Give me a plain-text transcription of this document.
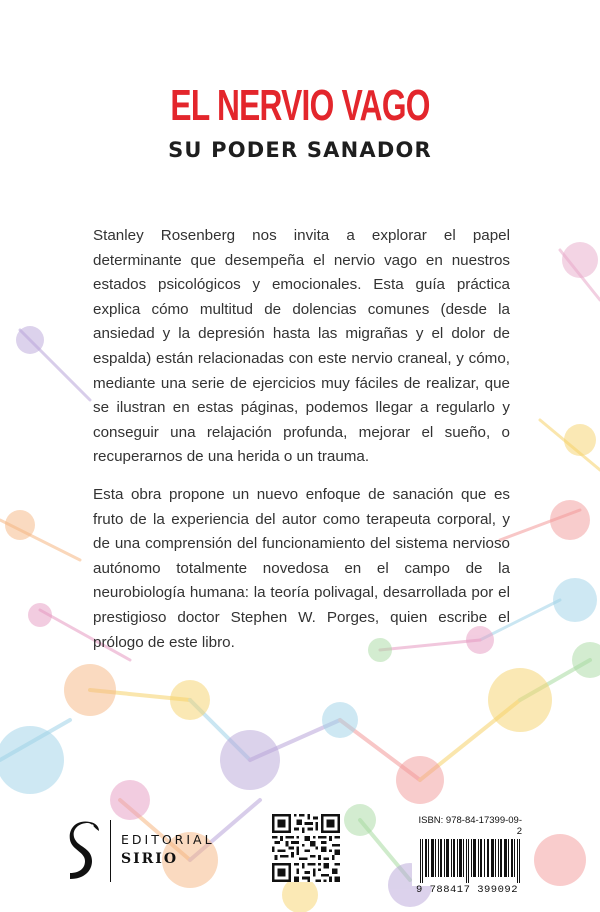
EL NERVIO VAGO
SU PODER SANADOR

Stanley Rosenberg nos invita a explorar el papel determinante que desempeña el nervio vago en nuestros estados psicológicos y emocionales. Esta guía práctica explica cómo multitud de dolencias comunes (desde la ansiedad y la depresión hasta las migrañas y el dolor de espalda) están relacionadas con este nervio craneal, y cómo, mediante una serie de ejercicios muy fáciles de realizar, que se ilustran en estas páginas, podemos llegar a regularlo y conseguir una relajación profunda, mejorar el sueño, o recuperarnos de una herida o un trauma.

Esta obra propone un nuevo enfoque de sanación que es fruto de la experiencia del autor como terapeuta corporal, y de una comprensión del funcionamiento del sistema nervioso autónomo totalmente novedosa en el campo de la neurobiología humana: la teoría polivagal, desarrollada por el prestigioso doctor Stephen W. Porges, quien escribe el prólogo de este libro.

EDITORIAL
SIRIO
ISBN: 978-84-17399-09-2
9 788417 399092
